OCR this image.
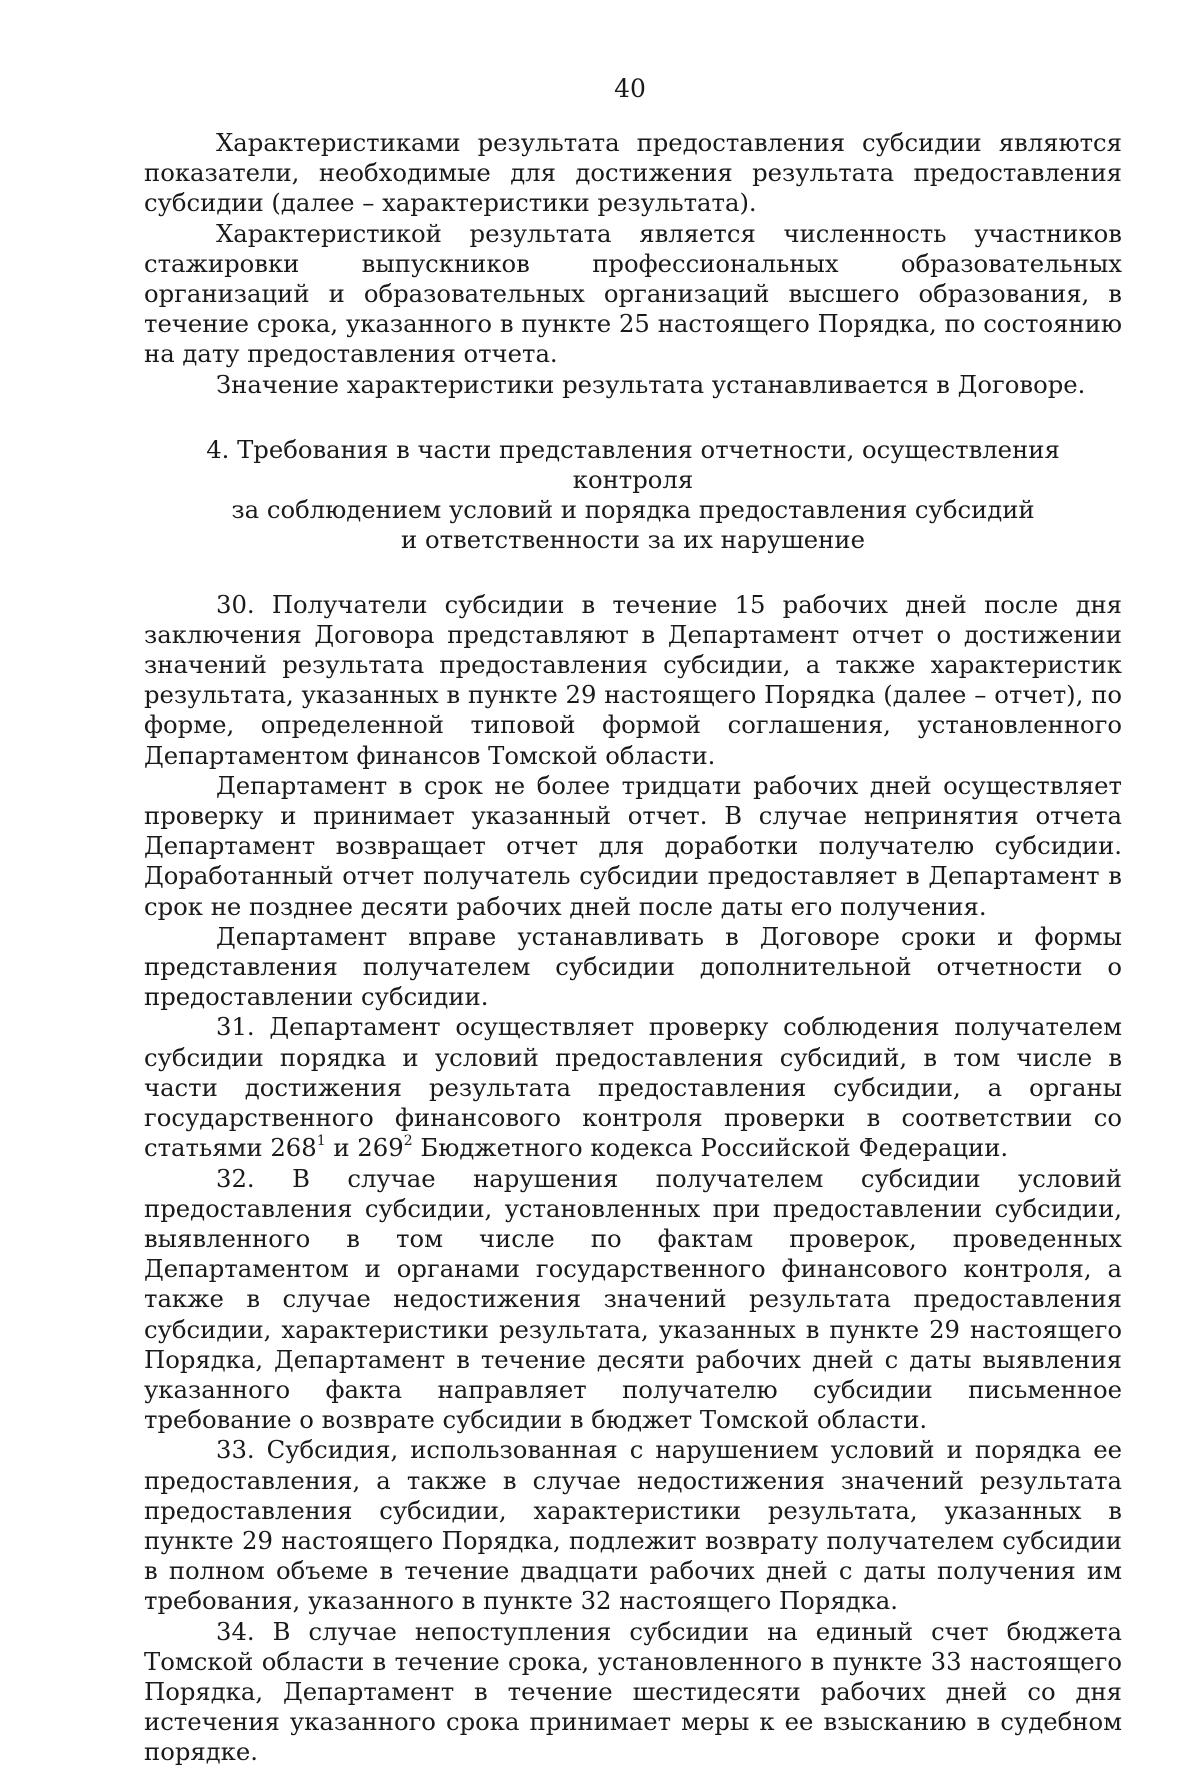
40

Характеристиками результата предоставления субсидии являются показатели, необходимые для достижения результата предоставления субсидии (далее – характеристики результата).

Характеристикой результата является численность участников стажировки выпускников профессиональных образовательных организаций и образовательных организаций высшего образования, в течение срока, указанного в пункте 25 настоящего Порядка, по состоянию на дату предоставления отчета.

Значение характеристики результата устанавливается в Договоре.

4. Требования в части представления отчетности, осуществления контроля
за соблюдением условий и порядка предоставления субсидий
и ответственности за их нарушение

30. Получатели субсидии в течение 15 рабочих дней после дня заключения Договора представляют в Департамент отчет о достижении значений результата предоставления субсидии, а также характеристик результата, указанных в пункте 29 настоящего Порядка (далее – отчет), по форме, определенной типовой формой соглашения, установленного Департаментом финансов Томской области.

Департамент в срок не более тридцати рабочих дней осуществляет проверку и принимает указанный отчет. В случае непринятия отчета Департамент возвращает отчет для доработки получателю субсидии. Доработанный отчет получатель субсидии предоставляет в Департамент в срок не позднее десяти рабочих дней после даты его получения.

Департамент вправе устанавливать в Договоре сроки и формы представления получателем субсидии дополнительной отчетности о предоставлении субсидии.

31. Департамент осуществляет проверку соблюдения получателем субсидии порядка и условий предоставления субсидий, в том числе в части достижения результата предоставления субсидии, а органы государственного финансового контроля проверки в соответствии со статьями $268^1$ и $269^2$ Бюджетного кодекса Российской Федерации.

32. В случае нарушения получателем субсидии условий предоставления субсидии, установленных при предоставлении субсидии, выявленного в том числе по фактам проверок, проведенных Департаментом и органами государственного финансового контроля, а также в случае недостижения значений результата предоставления субсидии, характеристики результата, указанных в пункте 29 настоящего Порядка, Департамент в течение десяти рабочих дней с даты выявления указанного факта направляет получателю субсидии письменное требование о возврате субсидии в бюджет Томской области.

33. Субсидия, использованная с нарушением условий и порядка ее предоставления, а также в случае недостижения значений результата предоставления субсидии, характеристики результата, указанных в пункте 29 настоящего Порядка, подлежит возврату получателем субсидии в полном объеме в течение двадцати рабочих дней с даты получения им требования, указанного в пункте 32 настоящего Порядка.

34. В случае непоступления субсидии на единый счет бюджета Томской области в течение срока, установленного в пункте 33 настоящего Порядка, Департамент в течение шестидесяти рабочих дней со дня истечения указанного срока принимает меры к ее взысканию в судебном порядке.
